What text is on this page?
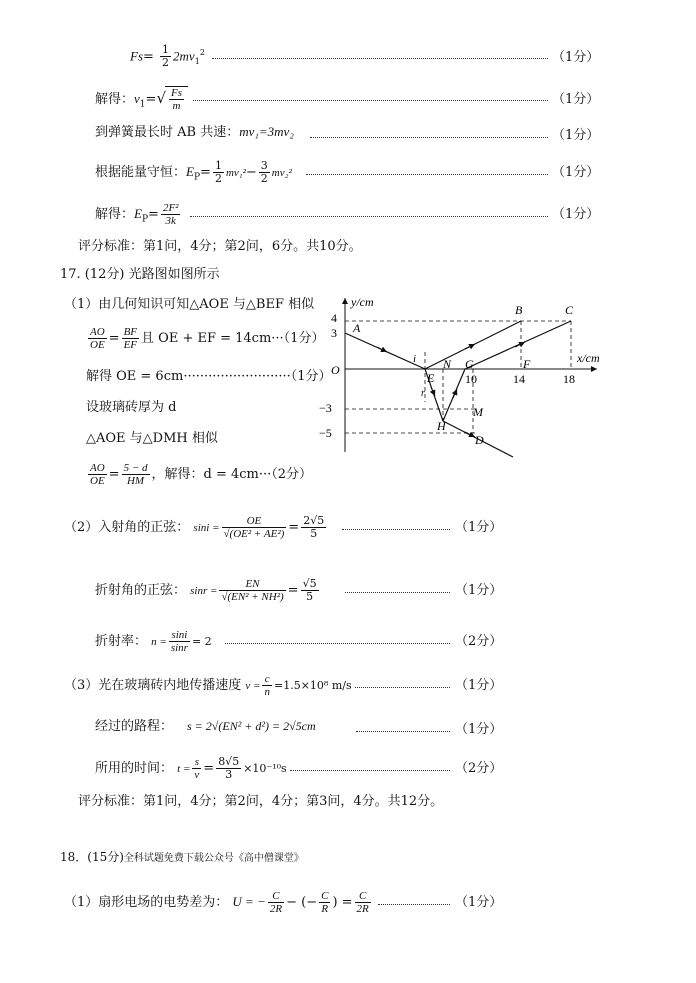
$Fs= \frac{1}{2} 2mv_1^2$	（1分）
解得：$v_1=√ \frac{Fs}{m}$	（1分）
到弹簧最长时 AB 共速：mv₁=3mv₂	（1分）
根据能量守恒：$E_P= \frac{1}{2} mv_1^2- \frac{3}{2} mv_2^2$	（1分）
解得：$E_P= \frac{\text{2F²}}{3k}$	（1分）
评分标准：第1问，4分；第2问，6分。共10分。
17. (12分) 光路图如图所示
（1）由几何知识可知△AOE 与△BEF 相似
$\frac{AO}{OE} = \frac{BF}{EF}$ 且 OE + EF = 14cm···（1分）
解得 OE = 6cm··························（1分）
设玻璃砖厚为 d
△AOE 与△DMH 相似
$\frac{AO}{OE} = \frac{5 - d}{HM}$ ，解得：d = 4cm···（2分）
y/cm
x/cm
O
4
3
−3
−5
10	14	18
A
B	C
E
F
G
N
H
M
D
i
r
（2）入射角的正弦： $\sin i = \frac{OE}{\text{√(OE² + AE²)}} = \frac{2√5}{5}$	（1分）
折射角的正弦： $\sin r = \frac{EN}{\text{√(EN² + NH²)}} = \frac{√5}{5}$	（1分）
折射率： $n = \frac{\sin i}{\sin r} = 2$	（2分）
（3）光在玻璃砖内地传播速度 $v = \frac{c}{n} =1.5\times 10^8$ m/s	（1分）
经过的路程： s = 2√(EN² + d²) = 2√5cm	（1分）
所用的时间： $t = \frac{s}{v} = \frac{8√5}{3} \times 10^{-10}s$	（2分）
评分标准：第1问，4分；第2问，4分；第3问，4分。共12分。
18．(15分)全科试题免费下载公众号《高中僧课堂》
（1）扇形电场的电势差为： U = − $\frac{C}{2R}$ − (− $\frac{C}{R}$ ) = $\frac{C}{2R}$	（1分）
